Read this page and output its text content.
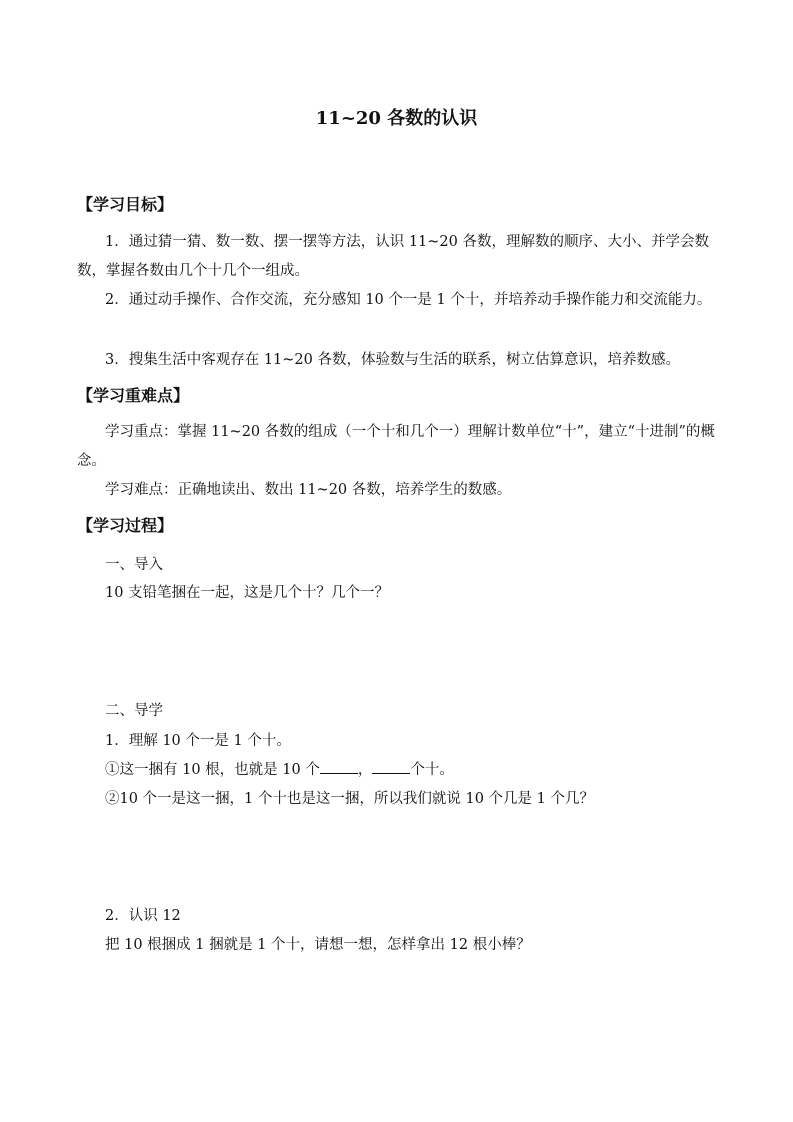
11~20 各数的认识
【学习目标】
1．通过猜一猜、数一数、摆一摆等方法，认识 11~20 各数，理解数的顺序、大小、并学会数数，掌握各数由几个十几个一组成。
2．通过动手操作、合作交流，充分感知 10 个一是 1 个十，并培养动手操作能力和交流能力。
3．搜集生活中客观存在 11~20 各数，体验数与生活的联系，树立估算意识，培养数感。
【学习重难点】
学习重点：掌握 11~20 各数的组成（一个十和几个一）理解计数单位“十”，建立“十进制”的概念。
学习难点：正确地读出、数出 11~20 各数，培养学生的数感。
【学习过程】
一、导入
10 支铅笔捆在一起，这是几个十？几个一？
二、导学
1．理解 10 个一是 1 个十。
①这一捆有 10 根，也就是 10 个	，	个十。
②10 个一是这一捆，1 个十也是这一捆，所以我们就说 10 个几是 1 个几？
2．认识 12
把 10 根捆成 1 捆就是 1 个十，请想一想，怎样拿出 12 根小棒？
